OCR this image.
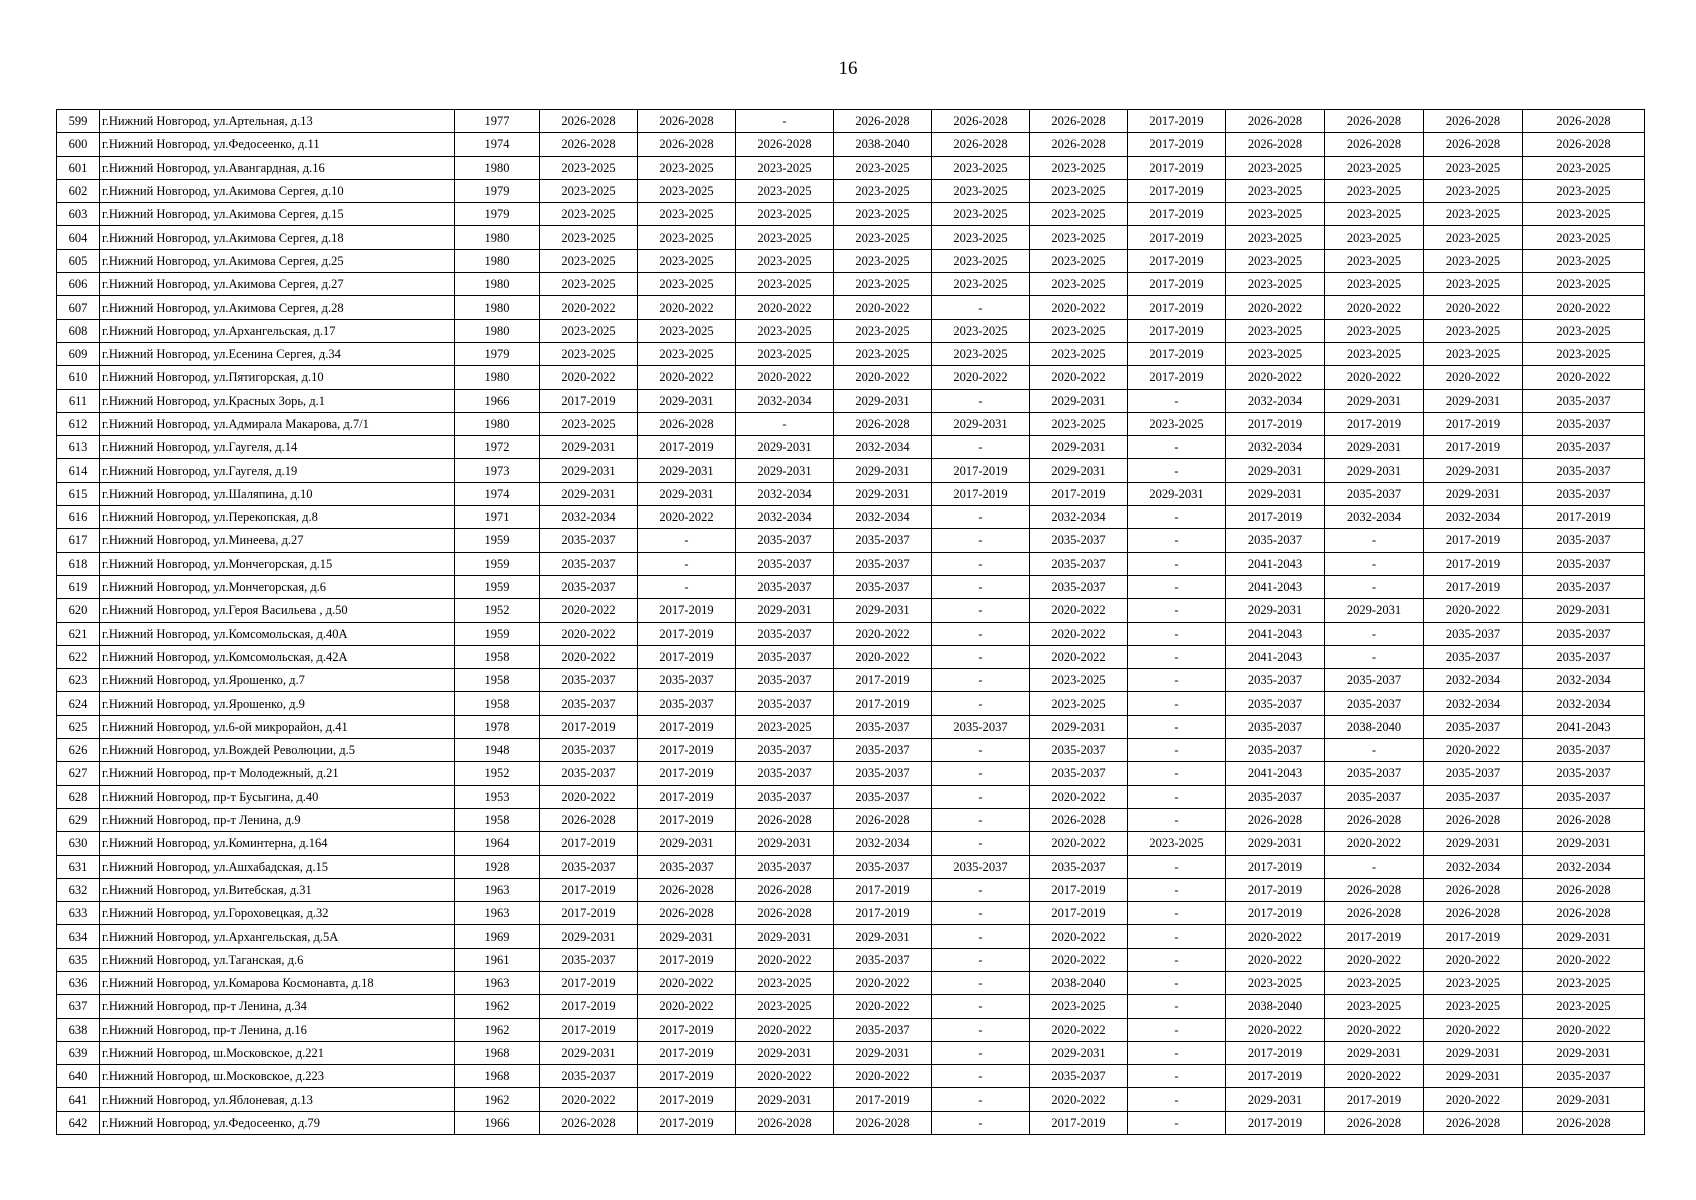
16
599	г.Нижний Новгород, ул.Артельная, д.13	1977	2026-2028	2026-2028	-	2026-2028	2026-2028	2026-2028	2017-2019	2026-2028	2026-2028	2026-2028	2026-2028
600	г.Нижний Новгород, ул.Федосеенко, д.11	1974	2026-2028	2026-2028	2026-2028	2038-2040	2026-2028	2026-2028	2017-2019	2026-2028	2026-2028	2026-2028	2026-2028
601	г.Нижний Новгород, ул.Авангардная, д.16	1980	2023-2025	2023-2025	2023-2025	2023-2025	2023-2025	2023-2025	2017-2019	2023-2025	2023-2025	2023-2025	2023-2025
602	г.Нижний Новгород, ул.Акимова Сергея, д.10	1979	2023-2025	2023-2025	2023-2025	2023-2025	2023-2025	2023-2025	2017-2019	2023-2025	2023-2025	2023-2025	2023-2025
603	г.Нижний Новгород, ул.Акимова Сергея, д.15	1979	2023-2025	2023-2025	2023-2025	2023-2025	2023-2025	2023-2025	2017-2019	2023-2025	2023-2025	2023-2025	2023-2025
604	г.Нижний Новгород, ул.Акимова Сергея, д.18	1980	2023-2025	2023-2025	2023-2025	2023-2025	2023-2025	2023-2025	2017-2019	2023-2025	2023-2025	2023-2025	2023-2025
605	г.Нижний Новгород, ул.Акимова Сергея, д.25	1980	2023-2025	2023-2025	2023-2025	2023-2025	2023-2025	2023-2025	2017-2019	2023-2025	2023-2025	2023-2025	2023-2025
606	г.Нижний Новгород, ул.Акимова Сергея, д.27	1980	2023-2025	2023-2025	2023-2025	2023-2025	2023-2025	2023-2025	2017-2019	2023-2025	2023-2025	2023-2025	2023-2025
607	г.Нижний Новгород, ул.Акимова Сергея, д.28	1980	2020-2022	2020-2022	2020-2022	2020-2022	-	2020-2022	2017-2019	2020-2022	2020-2022	2020-2022	2020-2022
608	г.Нижний Новгород, ул.Архангельская, д.17	1980	2023-2025	2023-2025	2023-2025	2023-2025	2023-2025	2023-2025	2017-2019	2023-2025	2023-2025	2023-2025	2023-2025
609	г.Нижний Новгород, ул.Есенина Сергея, д.34	1979	2023-2025	2023-2025	2023-2025	2023-2025	2023-2025	2023-2025	2017-2019	2023-2025	2023-2025	2023-2025	2023-2025
610	г.Нижний Новгород, ул.Пятигорская, д.10	1980	2020-2022	2020-2022	2020-2022	2020-2022	2020-2022	2020-2022	2017-2019	2020-2022	2020-2022	2020-2022	2020-2022
611	г.Нижний Новгород, ул.Красных Зорь, д.1	1966	2017-2019	2029-2031	2032-2034	2029-2031	-	2029-2031	-	2032-2034	2029-2031	2029-2031	2035-2037
612	г.Нижний Новгород, ул.Адмирала Макарова, д.7/1	1980	2023-2025	2026-2028	-	2026-2028	2029-2031	2023-2025	2023-2025	2017-2019	2017-2019	2017-2019	2035-2037
613	г.Нижний Новгород, ул.Гаугеля, д.14	1972	2029-2031	2017-2019	2029-2031	2032-2034	-	2029-2031	-	2032-2034	2029-2031	2017-2019	2035-2037
614	г.Нижний Новгород, ул.Гаугеля, д.19	1973	2029-2031	2029-2031	2029-2031	2029-2031	2017-2019	2029-2031	-	2029-2031	2029-2031	2029-2031	2035-2037
615	г.Нижний Новгород, ул.Шаляпина, д.10	1974	2029-2031	2029-2031	2032-2034	2029-2031	2017-2019	2017-2019	2029-2031	2029-2031	2035-2037	2029-2031	2035-2037
616	г.Нижний Новгород, ул.Перекопская, д.8	1971	2032-2034	2020-2022	2032-2034	2032-2034	-	2032-2034	-	2017-2019	2032-2034	2032-2034	2017-2019
617	г.Нижний Новгород, ул.Минеева, д.27	1959	2035-2037	-	2035-2037	2035-2037	-	2035-2037	-	2035-2037	-	2017-2019	2035-2037
618	г.Нижний Новгород, ул.Мончегорская, д.15	1959	2035-2037	-	2035-2037	2035-2037	-	2035-2037	-	2041-2043	-	2017-2019	2035-2037
619	г.Нижний Новгород, ул.Мончегорская, д.6	1959	2035-2037	-	2035-2037	2035-2037	-	2035-2037	-	2041-2043	-	2017-2019	2035-2037
620	г.Нижний Новгород, ул.Героя Васильева , д.50	1952	2020-2022	2017-2019	2029-2031	2029-2031	-	2020-2022	-	2029-2031	2029-2031	2020-2022	2029-2031
621	г.Нижний Новгород, ул.Комсомольская, д.40А	1959	2020-2022	2017-2019	2035-2037	2020-2022	-	2020-2022	-	2041-2043	-	2035-2037	2035-2037
622	г.Нижний Новгород, ул.Комсомольская, д.42А	1958	2020-2022	2017-2019	2035-2037	2020-2022	-	2020-2022	-	2041-2043	-	2035-2037	2035-2037
623	г.Нижний Новгород, ул.Ярошенко, д.7	1958	2035-2037	2035-2037	2035-2037	2017-2019	-	2023-2025	-	2035-2037	2035-2037	2032-2034	2032-2034
624	г.Нижний Новгород, ул.Ярошенко, д.9	1958	2035-2037	2035-2037	2035-2037	2017-2019	-	2023-2025	-	2035-2037	2035-2037	2032-2034	2032-2034
625	г.Нижний Новгород, ул.6-ой микрорайон, д.41	1978	2017-2019	2017-2019	2023-2025	2035-2037	2035-2037	2029-2031	-	2035-2037	2038-2040	2035-2037	2041-2043
626	г.Нижний Новгород, ул.Вождей Революции, д.5	1948	2035-2037	2017-2019	2035-2037	2035-2037	-	2035-2037	-	2035-2037	-	2020-2022	2035-2037
627	г.Нижний Новгород, пр-т Молодежный, д.21	1952	2035-2037	2017-2019	2035-2037	2035-2037	-	2035-2037	-	2041-2043	2035-2037	2035-2037	2035-2037
628	г.Нижний Новгород, пр-т Бусыгина, д.40	1953	2020-2022	2017-2019	2035-2037	2035-2037	-	2020-2022	-	2035-2037	2035-2037	2035-2037	2035-2037
629	г.Нижний Новгород, пр-т Ленина, д.9	1958	2026-2028	2017-2019	2026-2028	2026-2028	-	2026-2028	-	2026-2028	2026-2028	2026-2028	2026-2028
630	г.Нижний Новгород, ул.Коминтерна, д.164	1964	2017-2019	2029-2031	2029-2031	2032-2034	-	2020-2022	2023-2025	2029-2031	2020-2022	2029-2031	2029-2031
631	г.Нижний Новгород, ул.Ашхабадская, д.15	1928	2035-2037	2035-2037	2035-2037	2035-2037	2035-2037	2035-2037	-	2017-2019	-	2032-2034	2032-2034
632	г.Нижний Новгород, ул.Витебская, д.31	1963	2017-2019	2026-2028	2026-2028	2017-2019	-	2017-2019	-	2017-2019	2026-2028	2026-2028	2026-2028
633	г.Нижний Новгород, ул.Гороховецкая, д.32	1963	2017-2019	2026-2028	2026-2028	2017-2019	-	2017-2019	-	2017-2019	2026-2028	2026-2028	2026-2028
634	г.Нижний Новгород, ул.Архангельская, д.5А	1969	2029-2031	2029-2031	2029-2031	2029-2031	-	2020-2022	-	2020-2022	2017-2019	2017-2019	2029-2031
635	г.Нижний Новгород, ул.Таганская, д.6	1961	2035-2037	2017-2019	2020-2022	2035-2037	-	2020-2022	-	2020-2022	2020-2022	2020-2022	2020-2022
636	г.Нижний Новгород, ул.Комарова Космонавта, д.18	1963	2017-2019	2020-2022	2023-2025	2020-2022	-	2038-2040	-	2023-2025	2023-2025	2023-2025	2023-2025
637	г.Нижний Новгород, пр-т Ленина, д.34	1962	2017-2019	2020-2022	2023-2025	2020-2022	-	2023-2025	-	2038-2040	2023-2025	2023-2025	2023-2025
638	г.Нижний Новгород, пр-т Ленина, д.16	1962	2017-2019	2017-2019	2020-2022	2035-2037	-	2020-2022	-	2020-2022	2020-2022	2020-2022	2020-2022
639	г.Нижний Новгород, ш.Московское, д.221	1968	2029-2031	2017-2019	2029-2031	2029-2031	-	2029-2031	-	2017-2019	2029-2031	2029-2031	2029-2031
640	г.Нижний Новгород, ш.Московское, д.223	1968	2035-2037	2017-2019	2020-2022	2020-2022	-	2035-2037	-	2017-2019	2020-2022	2029-2031	2035-2037
641	г.Нижний Новгород, ул.Яблоневая, д.13	1962	2020-2022	2017-2019	2029-2031	2017-2019	-	2020-2022	-	2029-2031	2017-2019	2020-2022	2029-2031
642	г.Нижний Новгород, ул.Федосеенко, д.79	1966	2026-2028	2017-2019	2026-2028	2026-2028	-	2017-2019	-	2017-2019	2026-2028	2026-2028	2026-2028
